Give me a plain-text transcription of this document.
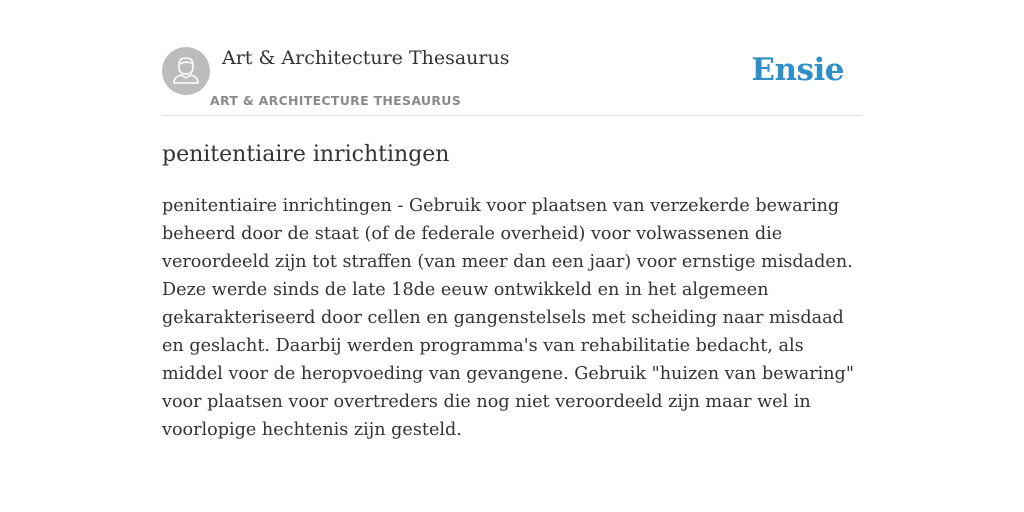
Art & Architecture Thesaurus
ART & ARCHITECTURE THESAURUS
Ensie
penitentiaire inrichtingen

penitentiaire inrichtingen - Gebruik voor plaatsen van verzekerde bewaring beheerd door de staat (of de federale overheid) voor volwassenen die veroordeeld zijn tot straffen (van meer dan een jaar) voor ernstige misdaden. Deze werde sinds de late 18de eeuw ontwikkeld en in het algemeen gekarakteriseerd door cellen en gangenstelsels met scheiding naar misdaad en geslacht. Daarbij werden programma's van rehabilitatie bedacht, als middel voor de heropvoeding van gevangene. Gebruik "huizen van bewaring" voor plaatsen voor overtreders die nog niet veroordeeld zijn maar wel in voorlopige hechtenis zijn gesteld.
